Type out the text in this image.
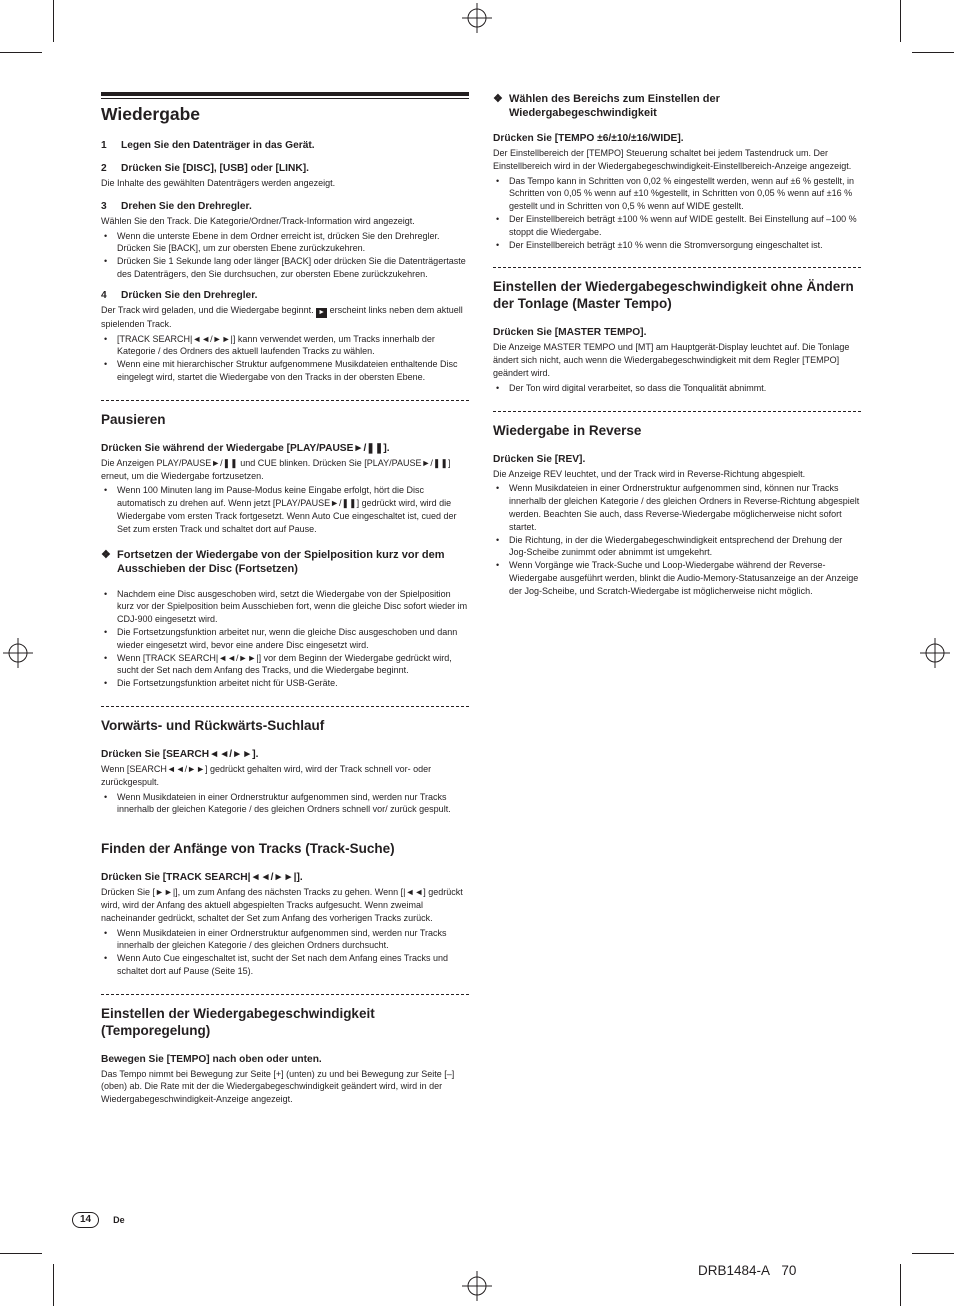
Wiedergabe
1	Legen Sie den Datenträger in das Gerät.
2	Drücken Sie [DISC], [USB] oder [LINK].

Die Inhalte des gewählten Datenträgers werden angezeigt.

3	Drehen Sie den Drehregler.

Wählen Sie den Track. Die Kategorie/Ordner/Track-Information wird angezeigt.

• Wenn die unterste Ebene in dem Ordner erreicht ist, drücken Sie den Drehregler. Drücken Sie [BACK], um zur obersten Ebene zurückzukehren.
• Drücken Sie 1 Sekunde lang oder länger [BACK] oder drücken Sie die Datenträgertaste des Datenträgers, den Sie durchsuchen, zur obersten Ebene zurückzukehren.
4	Drücken Sie den Drehregler.

Der Track wird geladen, und die Wiedergabe beginnt. ► erscheint links neben dem aktuell spielenden Track.

• [TRACK SEARCH|◄◄/►►|] kann verwendet werden, um Tracks innerhalb der Kategorie / des Ordners des aktuell laufenden Tracks zu wählen.
• Wenn eine mit hierarchischer Struktur aufgenommene Musikdateien enthaltende Disc eingelegt wird, startet die Wiedergabe von den Tracks in der obersten Ebene.
Pausieren
Drücken Sie während der Wiedergabe [PLAY/PAUSE►/❚❚].

Die Anzeigen PLAY/PAUSE►/❚❚ und CUE blinken. Drücken Sie [PLAY/PAUSE►/❚❚] erneut, um die Wiedergabe fortzusetzen.

• Wenn 100 Minuten lang im Pause-Modus keine Eingabe erfolgt, hört die Disc automatisch zu drehen auf. Wenn jetzt [PLAY/PAUSE►/❚❚] gedrückt wird, wird die Wiedergabe vom ersten Track fortgesetzt. Wenn Auto Cue eingeschaltet ist, cued der Set zum ersten Track und schaltet dort auf Pause.
❖ Fortsetzen der Wiedergabe von der Spielposition kurz vor dem Ausschieben der Disc (Fortsetzen)
• Nachdem eine Disc ausgeschoben wird, setzt die Wiedergabe von der Spielposition kurz vor der Spielposition beim Ausschieben fort, wenn die gleiche Disc sofort wieder im CDJ-900 eingesetzt wird.
• Die Fortsetzungsfunktion arbeitet nur, wenn die gleiche Disc ausgeschoben und dann wieder eingesetzt wird, bevor eine andere Disc eingesetzt wird.
• Wenn [TRACK SEARCH|◄◄/►►|] vor dem Beginn der Wiedergabe gedrückt wird, sucht der Set nach dem Anfang des Tracks, und die Wiedergabe beginnt.
• Die Fortsetzungsfunktion arbeitet nicht für USB-Geräte.
Vorwärts- und Rückwärts-Suchlauf
Drücken Sie [SEARCH◄◄/►►].

Wenn [SEARCH◄◄/►►] gedrückt gehalten wird, wird der Track schnell vor- oder zurückgespult.

• Wenn Musikdateien in einer Ordnerstruktur aufgenommen sind, werden nur Tracks innerhalb der gleichen Kategorie / des gleichen Ordners schnell vor/ zurück gespult.
Finden der Anfänge von Tracks (Track-Suche)
Drücken Sie [TRACK SEARCH|◄◄/►►|].

Drücken Sie [►►|], um zum Anfang des nächsten Tracks zu gehen. Wenn [|◄◄] gedrückt wird, wird der Anfang des aktuell abgespielten Tracks aufgesucht. Wenn zweimal nacheinander gedrückt, schaltet der Set zum Anfang des vorherigen Tracks zurück.

• Wenn Musikdateien in einer Ordnerstruktur aufgenommen sind, werden nur Tracks innerhalb der gleichen Kategorie / des gleichen Ordners durchsucht.
• Wenn Auto Cue eingeschaltet ist, sucht der Set nach dem Anfang eines Tracks und schaltet dort auf Pause (Seite 15).
Einstellen der Wiedergabegeschwindigkeit (Temporegelung)
Bewegen Sie [TEMPO] nach oben oder unten.

Das Tempo nimmt bei Bewegung zur Seite [+] (unten) zu und bei Bewegung zur Seite [–] (oben) ab. Die Rate mit der die Wiedergabegeschwindigkeit geändert wird, wird in der Wiedergabegeschwindigkeit-Anzeige angezeigt.

❖ Wählen des Bereichs zum Einstellen der Wiedergabegeschwindigkeit
Drücken Sie [TEMPO ±6/±10/±16/WIDE].

Der Einstellbereich der [TEMPO] Steuerung schaltet bei jedem Tastendruck um. Der Einstellbereich wird in der Wiedergabegeschwindigkeit-Einstellbereich-Anzeige angezeigt.

• Das Tempo kann in Schritten von 0,02 % eingestellt werden, wenn auf ±6 % gestellt, in Schritten von 0,05 % wenn auf ±10 %gestellt, in Schritten von 0,05 % wenn auf ±16 % gestellt und in Schritten von 0,5 % wenn auf WIDE gestellt.
• Der Einstellbereich beträgt ±100 % wenn auf WIDE gestellt. Bei Einstellung auf –100 % stoppt die Wiedergabe.
• Der Einstellbereich beträgt ±10 % wenn die Stromversorgung eingeschaltet ist.
Einstellen der Wiedergabegeschwindigkeit ohne Ändern der Tonlage (Master Tempo)
Drücken Sie [MASTER TEMPO].

Die Anzeige MASTER TEMPO und [MT] am Hauptgerät-Display leuchtet auf. Die Tonlage ändert sich nicht, auch wenn die Wiedergabegeschwindigkeit mit dem Regler [TEMPO] geändert wird.

• Der Ton wird digital verarbeitet, so dass die Tonqualität abnimmt.
Wiedergabe in Reverse
Drücken Sie [REV].

Die Anzeige REV leuchtet, und der Track wird in Reverse-Richtung abgespielt.

• Wenn Musikdateien in einer Ordnerstruktur aufgenommen sind, können nur Tracks innerhalb der gleichen Kategorie / des gleichen Ordners in Reverse-Richtung abgespielt werden. Beachten Sie auch, dass Reverse-Wiedergabe möglicherweise nicht sofort startet.
• Die Richtung, in der die Wiedergabegeschwindigkeit entsprechend der Drehung der Jog-Scheibe zunimmt oder abnimmt ist umgekehrt.
• Wenn Vorgänge wie Track-Suche und Loop-Wiedergabe während der Reverse-Wiedergabe ausgeführt werden, blinkt die Audio-Memory-Statusanzeige an der Anzeige der Jog-Scheibe, und Scratch-Wiedergabe ist möglicherweise nicht möglich.
14	De
DRB1484-A 70
